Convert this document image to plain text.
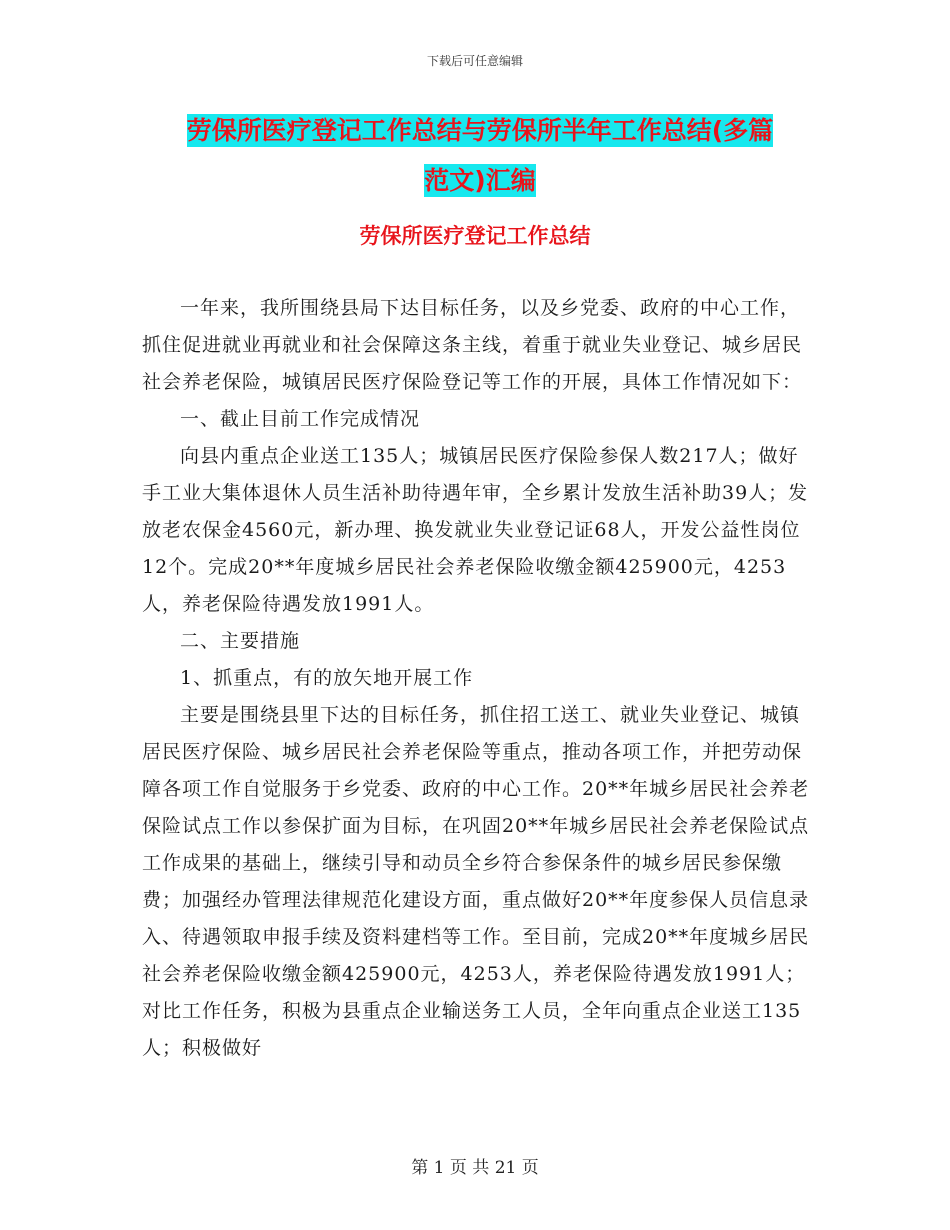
下载后可任意编辑
劳保所医疗登记工作总结与劳保所半年工作总结(多篇
范文)汇编
劳保所医疗登记工作总结

一年来，我所围绕县局下达目标任务，以及乡党委、政府的中心工作，抓住促进就业再就业和社会保障这条主线，着重于就业失业登记、城乡居民社会养老保险，城镇居民医疗保险登记等工作的开展，具体工作情况如下：

一、截止目前工作完成情况

向县内重点企业送工135人；城镇居民医疗保险参保人数217人；做好手工业大集体退休人员生活补助待遇年审，全乡累计发放生活补助39人；发放老农保金4560元，新办理、换发就业失业登记证68人，开发公益性岗位12个。完成20**年度城乡居民社会养老保险收缴金额425900元，4253人，养老保险待遇发放1991人。

二、主要措施

1、抓重点，有的放矢地开展工作

主要是围绕县里下达的目标任务，抓住招工送工、就业失业登记、城镇居民医疗保险、城乡居民社会养老保险等重点，推动各项工作，并把劳动保障各项工作自觉服务于乡党委、政府的中心工作。20**年城乡居民社会养老保险试点工作以参保扩面为目标，在巩固20**年城乡居民社会养老保险试点工作成果的基础上，继续引导和动员全乡符合参保条件的城乡居民参保缴费；加强经办管理法律规范化建设方面，重点做好20**年度参保人员信息录入、待遇领取申报手续及资料建档等工作。至目前，完成20**年度城乡居民社会养老保险收缴金额425900元，4253人，养老保险待遇发放1991人；对比工作任务，积极为县重点企业输送务工人员，全年向重点企业送工135人；积极做好

第 1 页 共 21 页
